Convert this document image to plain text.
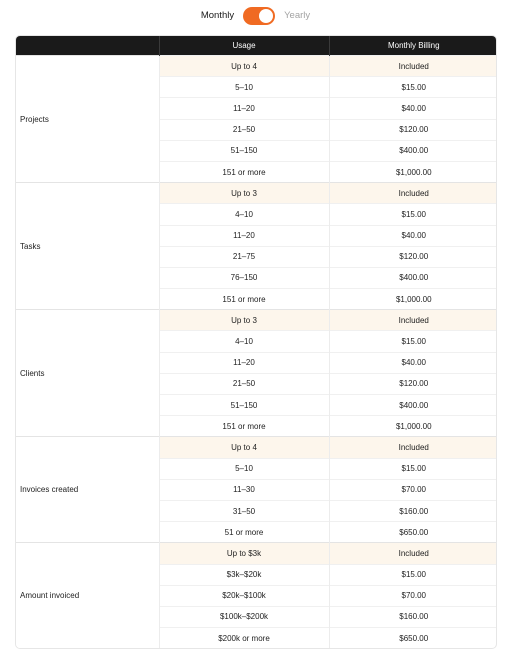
Monthly	Yearly
	Usage	Monthly Billing
Projects	Up to 4	Included
	5–10	$15.00
	11–20	$40.00
	21–50	$120.00
	51–150	$400.00
	151 or more	$1,000.00
Tasks	Up to 3	Included
	4–10	$15.00
	11–20	$40.00
	21–75	$120.00
	76–150	$400.00
	151 or more	$1,000.00
Clients	Up to 3	Included
	4–10	$15.00
	11–20	$40.00
	21–50	$120.00
	51–150	$400.00
	151 or more	$1,000.00
Invoices created	Up to 4	Included
	5–10	$15.00
	11–30	$70.00
	31–50	$160.00
	51 or more	$650.00
Amount invoiced	Up to $3k	Included
	$3k–$20k	$15.00
	$20k–$100k	$70.00
	$100k–$200k	$160.00
	$200k or more	$650.00
